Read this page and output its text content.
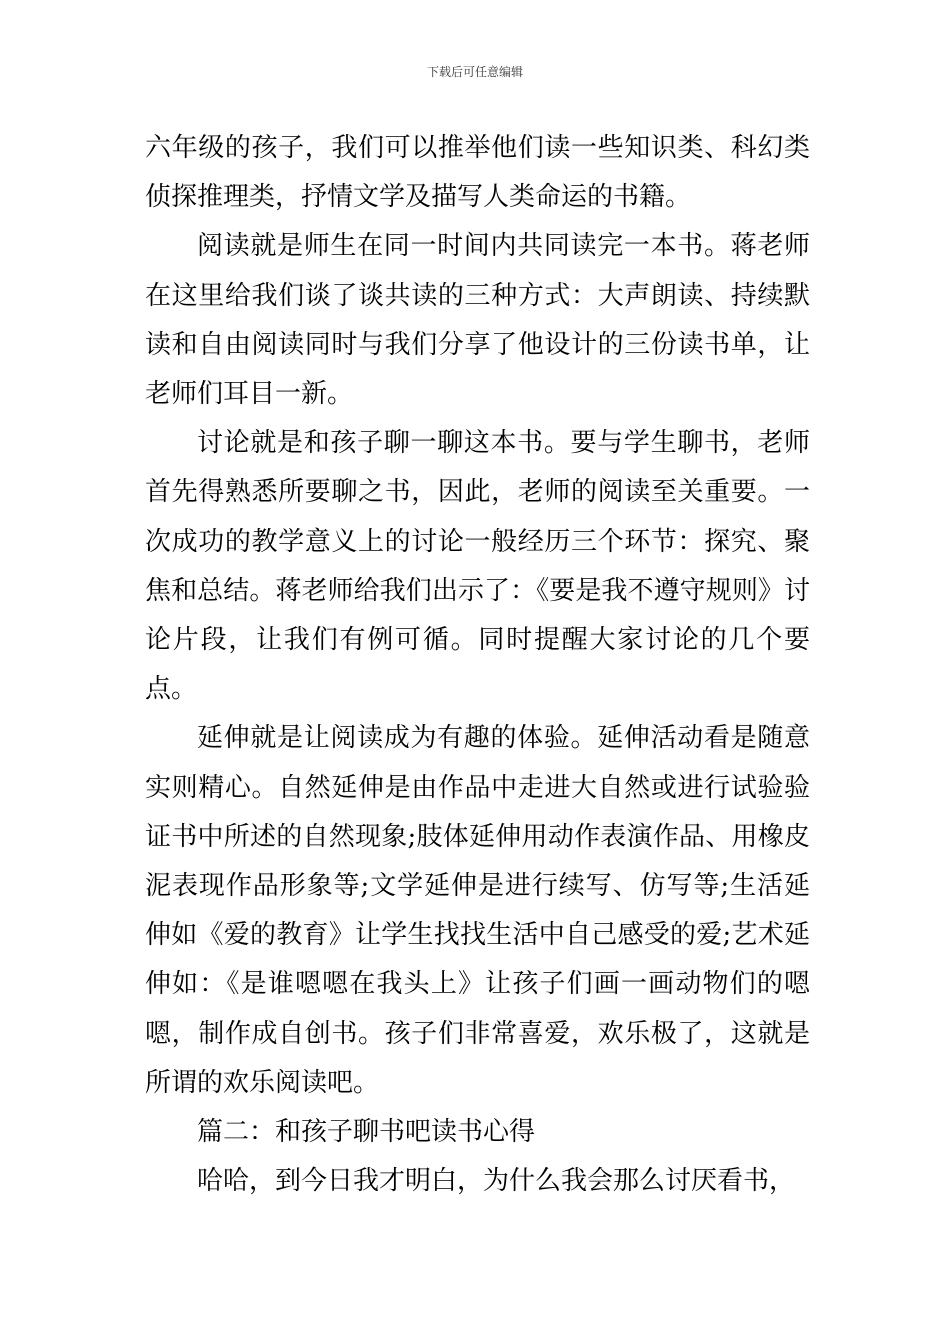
下载后可任意编辑

六年级的孩子，我们可以推举他们读一些知识类、科幻类侦探推理类，抒情文学及描写人类命运的书籍。

阅读就是师生在同一时间内共同读完一本书。蒋老师在这里给我们谈了谈共读的三种方式：大声朗读、持续默读和自由阅读同时与我们分享了他设计的三份读书单，让老师们耳目一新。

讨论就是和孩子聊一聊这本书。要与学生聊书，老师首先得熟悉所要聊之书，因此，老师的阅读至关重要。一次成功的教学意义上的讨论一般经历三个环节：探究、聚焦和总结。蒋老师给我们出示了：《要是我不遵守规则》讨论片段，让我们有例可循。同时提醒大家讨论的几个要点。

延伸就是让阅读成为有趣的体验。延伸活动看是随意实则精心。自然延伸是由作品中走进大自然或进行试验验证书中所述的自然现象;肢体延伸用动作表演作品、用橡皮泥表现作品形象等;文学延伸是进行续写、仿写等;生活延伸如《爱的教育》让学生找找生活中自己感受的爱;艺术延伸如：《是谁嗯嗯在我头上》让孩子们画一画动物们的嗯嗯，制作成自创书。孩子们非常喜爱，欢乐极了，这就是所谓的欢乐阅读吧。

篇二：和孩子聊书吧读书心得

哈哈，到今日我才明白，为什么我会那么讨厌看书，
